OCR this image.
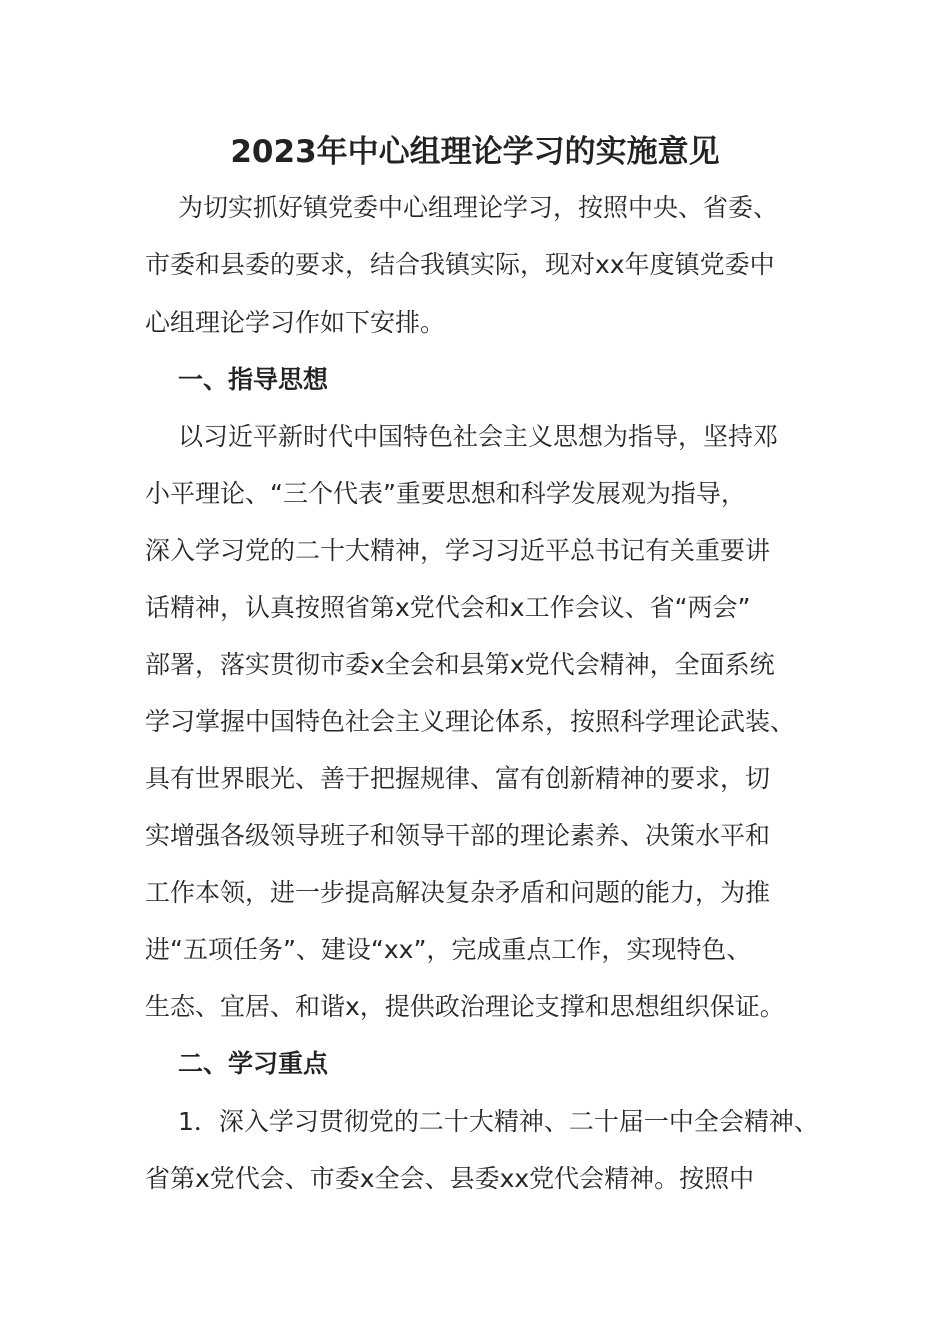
2023年中心组理论学习的实施意见
为切实抓好镇党委中心组理论学习，按照中央、省委、
市委和县委的要求，结合我镇实际，现对xx年度镇党委中
心组理论学习作如下安排。
一、指导思想
以习近平新时代中国特色社会主义思想为指导，坚持邓
小平理论、“三个代表”重要思想和科学发展观为指导，
深入学习党的二十大精神，学习习近平总书记有关重要讲
话精神，认真按照省第x党代会和x工作会议、省“两会”
部署，落实贯彻市委x全会和县第x党代会精神，全面系统
学习掌握中国特色社会主义理论体系，按照科学理论武装、
具有世界眼光、善于把握规律、富有创新精神的要求，切
实增强各级领导班子和领导干部的理论素养、决策水平和
工作本领，进一步提高解决复杂矛盾和问题的能力，为推
进“五项任务”、建设“xx”，完成重点工作，实现特色、
生态、宜居、和谐x，提供政治理论支撑和思想组织保证。
二、学习重点
1．深入学习贯彻党的二十大精神、二十届一中全会精神、
省第x党代会、市委x全会、县委xx党代会精神。按照中
